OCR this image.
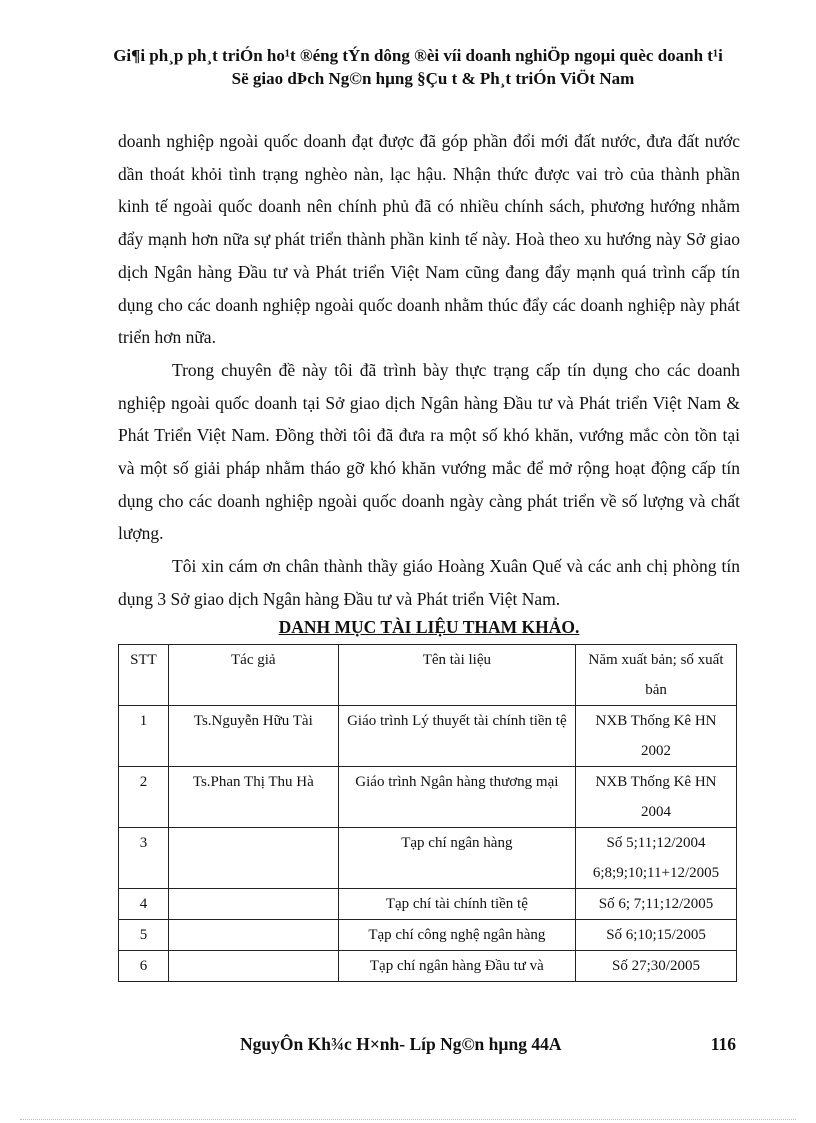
Gi¶i ph¸p ph¸t triÓn ho¹t ®éng tÝn dông ®èi víi doanh nghiÖp ngoµi quèc doanh t¹i
Së giao dÞch Ng©n hµng §Çu t & Ph¸t triÓn ViÖt Nam

doanh nghiệp ngoài quốc doanh đạt được đã góp phần đổi mới đất nước, đưa đất nước dần thoát khỏi tình trạng nghèo nàn, lạc hậu. Nhận thức được vai trò của thành phần kinh tế ngoài quốc doanh nên chính phủ đã có nhiều chính sách, phương hướng nhằm đẩy mạnh hơn nữa sự phát triển thành phần kinh tế này. Hoà theo xu hướng này Sở giao dịch Ngân hàng Đầu tư và Phát triển Việt Nam cũng đang đẩy mạnh quá trình cấp tín dụng cho các doanh nghiệp ngoài quốc doanh nhằm thúc đẩy các doanh nghiệp này phát triển hơn nữa.

Trong chuyên đề này tôi đã trình bày thực trạng cấp tín dụng cho các doanh nghiệp ngoài quốc doanh tại Sở giao dịch Ngân hàng Đầu tư và Phát triển Việt Nam & Phát Triển Việt Nam. Đồng thời tôi đã đưa ra một số khó khăn, vướng mắc còn tồn tại và một số giải pháp nhằm tháo gỡ khó khăn vướng mắc để mở rộng hoạt động cấp tín dụng cho các doanh nghiệp ngoài quốc doanh ngày càng phát triển về số lượng và chất lượng.

Tôi xin cám ơn chân thành thầy giáo Hoàng Xuân Quế và các anh chị phòng tín dụng 3 Sở giao dịch Ngân hàng Đầu tư và Phát triển Việt Nam.

DANH MỤC TÀI LIỆU THAM KHẢO.
STT	Tác giả	Tên tài liệu	Năm xuất bản; số xuất bản
1	Ts.Nguyễn Hữu Tài	Giáo trình Lý thuyết tài chính tiền tệ	NXB Thống Kê HN 2002
2	Ts.Phan Thị Thu Hà	Giáo trình Ngân hàng thương mại	NXB Thống Kê HN 2004
3		Tạp chí ngân hàng	Số 5;11;12/2004 6;8;9;10;11+12/2005
4		Tạp chí tài chính tiền tệ	Số 6; 7;11;12/2005
5		Tạp chí công nghệ ngân hàng	Số 6;10;15/2005
6		Tạp chí ngân hàng Đầu tư và	Số 27;30/2005
NguyÔn Kh¾c H×nh- Líp Ng©n hµng 44A	116
